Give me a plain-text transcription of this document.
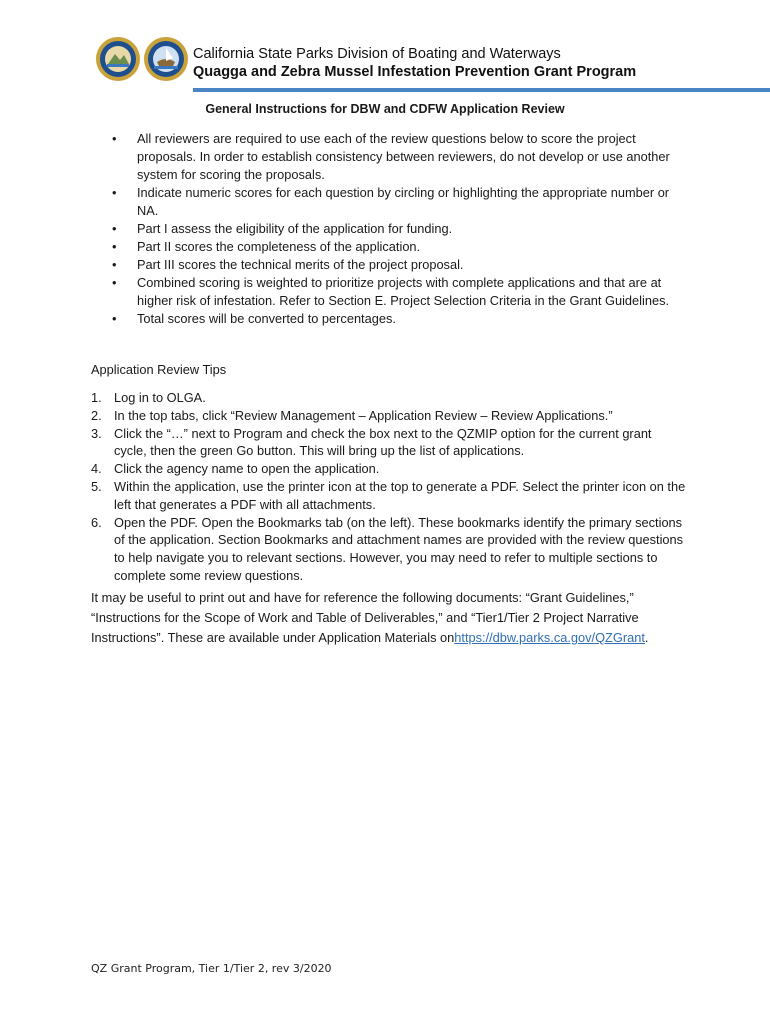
California State Parks Division of Boating and Waterways
Quagga and Zebra Mussel Infestation Prevention Grant Program
General Instructions for DBW and CDFW Application Review
• All reviewers are required to use each of the review questions below to score the project proposals. In order to establish consistency between reviewers, do not develop or use another system for scoring the proposals.
• Indicate numeric scores for each question by circling or highlighting the appropriate number or NA.
• Part I assess the eligibility of the application for funding.
• Part II scores the completeness of the application.
• Part III scores the technical merits of the project proposal.
• Combined scoring is weighted to prioritize projects with complete applications and that are at higher risk of infestation. Refer to Section E. Project Selection Criteria in the Grant Guidelines.
• Total scores will be converted to percentages.
Application Review Tips
1. Log in to OLGA.
2. In the top tabs, click “Review Management – Application Review – Review Applications.”
3. Click the “…” next to Program and check the box next to the QZMIP option for the current grant cycle, then the green Go button. This will bring up the list of applications.
4. Click the agency name to open the application.
5. Within the application, use the printer icon at the top to generate a PDF. Select the printer icon on the left that generates a PDF with all attachments.
6. Open the PDF. Open the Bookmarks tab (on the left). These bookmarks identify the primary sections of the application. Section Bookmarks and attachment names are provided with the review questions to help navigate you to relevant sections. However, you may need to refer to multiple sections to complete some review questions.

It may be useful to print out and have for reference the following documents: “Grant Guidelines,” “Instructions for the Scope of Work and Table of Deliverables,” and “Tier1/Tier 2 Project Narrative Instructions”. These are available under Application Materials onhttps://dbw.parks.ca.gov/QZGrant.

QZ Grant Program, Tier 1/Tier 2, rev 3/2020
